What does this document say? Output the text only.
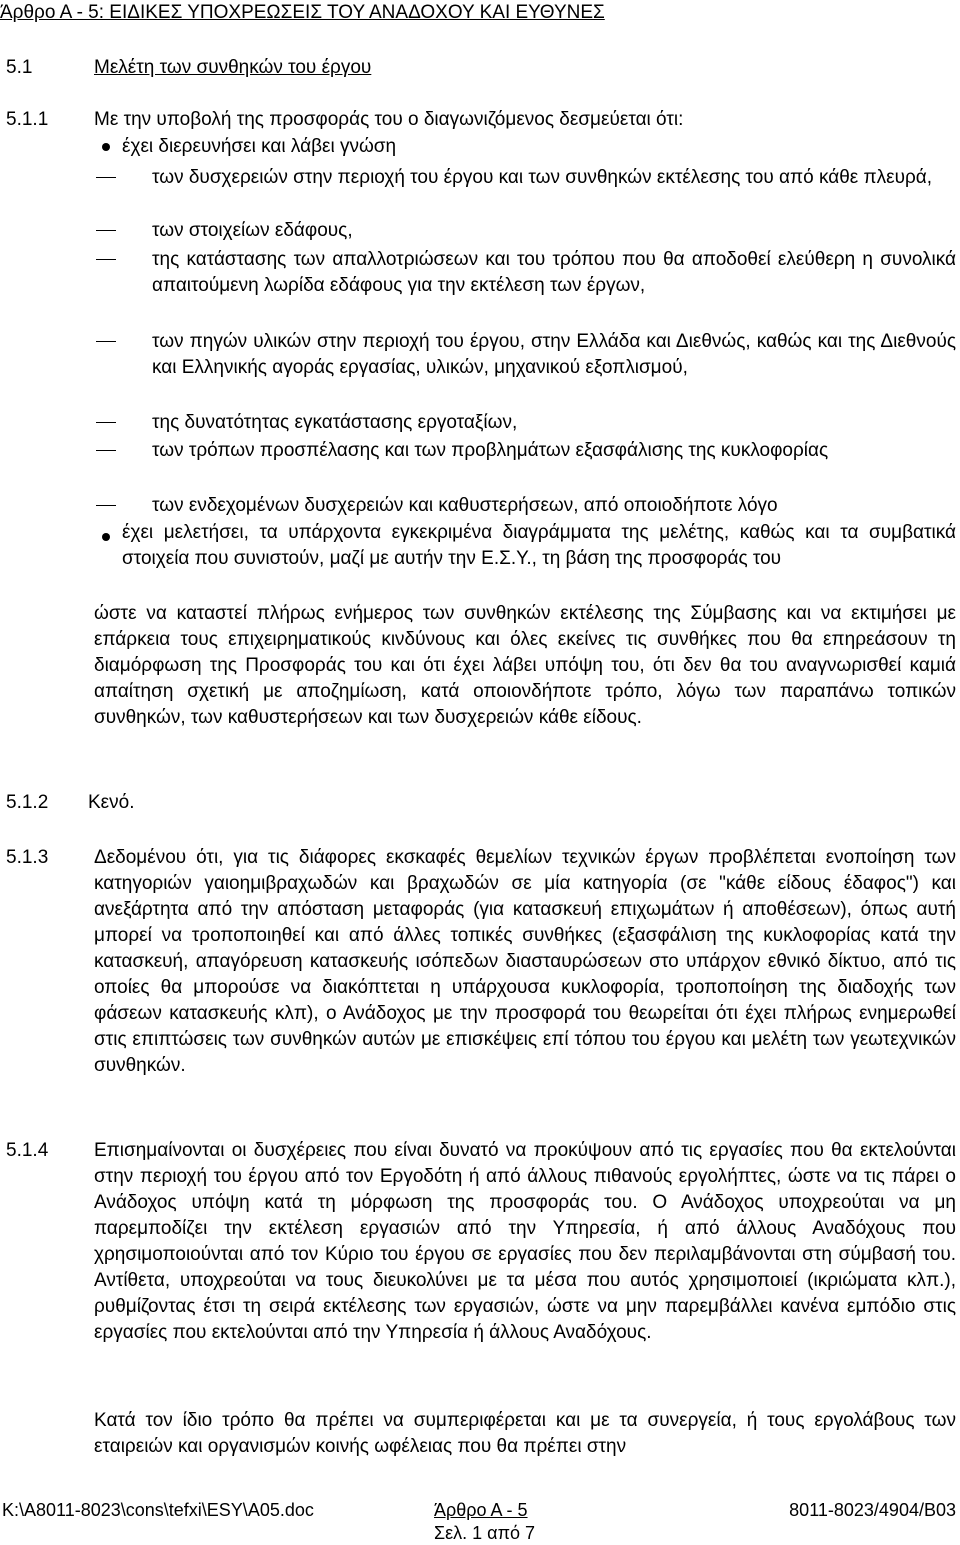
Άρθρο Α - 5: ΕΙΔΙΚΕΣ ΥΠΟΧΡΕΩΣΕΙΣ ΤΟΥ ΑΝΑΔΟΧΟΥ ΚΑΙ ΕΥΘΥΝΕΣ
5.1	Μελέτη των συνθηκών του έργου
5.1.1 Με την υποβολή της προσφοράς του ο διαγωνιζόμενος δεσμεύεται ότι:
έχει διερευνήσει και λάβει γνώση
των δυσχερειών στην περιοχή του έργου και των συνθηκών εκτέλεσης του από κάθε πλευρά,
των στοιχείων εδάφους,
της κατάστασης των απαλλοτριώσεων και του τρόπου που θα αποδοθεί ελεύθερη η συνολικά απαιτούμενη λωρίδα εδάφους για την εκτέλεση των έργων,
των πηγών υλικών στην περιοχή του έργου, στην Ελλάδα και Διεθνώς, καθώς και της Διεθνούς και Ελληνικής αγοράς εργασίας, υλικών, μηχανικού εξοπλισμού,
της δυνατότητας εγκατάστασης εργοταξίων,
των τρόπων προσπέλασης και των προβλημάτων εξασφάλισης της κυκλοφορίας
των ενδεχομένων δυσχερειών και καθυστερήσεων, από οποιοδήποτε λόγο
έχει μελετήσει, τα υπάρχοντα εγκεκριμένα διαγράμματα της μελέτης, καθώς και τα συμβατικά στοιχεία που συνιστούν, μαζί με αυτήν την Ε.Σ.Υ., τη βάση της προσφοράς του
ώστε να καταστεί πλήρως ενήμερος των συνθηκών εκτέλεσης της Σύμβασης και να εκτιμήσει με επάρκεια τους επιχειρηματικούς κινδύνους και όλες εκείνες τις συνθήκες που θα επηρεάσουν τη διαμόρφωση της Προσφοράς του και ότι έχει λάβει υπόψη του, ότι δεν θα του αναγνωρισθεί καμιά απαίτηση σχετική με αποζημίωση, κατά οποιονδήποτε τρόπο, λόγω των παραπάνω τοπικών συνθηκών, των καθυστερήσεων και των δυσχερειών κάθε είδους.
5.1.2 Κενό.
5.1.3 Δεδομένου ότι, για τις διάφορες εκσκαφές θεμελίων τεχνικών έργων προβλέπεται ενοποίηση των κατηγοριών γαιοημιβραχωδών και βραχωδών σε μία κατηγορία (σε "κάθε είδους έδαφος") και ανεξάρτητα από την απόσταση μεταφοράς (για κατασκευή επιχωμάτων ή αποθέσεων), όπως αυτή μπορεί να τροποποιηθεί και από άλλες τοπικές συνθήκες (εξασφάλιση της κυκλοφορίας κατά την κατασκευή, απαγόρευση κατασκευής ισόπεδων διασταυρώσεων στο υπάρχον εθνικό δίκτυο, από τις οποίες θα μπορούσε να διακόπτεται η υπάρχουσα κυκλοφορία, τροποποίηση της διαδοχής των φάσεων κατασκευής κλπ), ο Ανάδοχος με την προσφορά του θεωρείται ότι έχει πλήρως ενημερωθεί στις επιπτώσεις των συνθηκών αυτών με επισκέψεις επί τόπου του έργου και μελέτη των γεωτεχνικών συνθηκών.
5.1.4 Επισημαίνονται οι δυσχέρειες που είναι δυνατό να προκύψουν από τις εργασίες που θα εκτελούνται στην περιοχή του έργου από τον Εργοδότη ή από άλλους πιθανούς εργολήπτες, ώστε να τις πάρει ο Ανάδοχος υπόψη κατά τη μόρφωση της προσφοράς του. Ο Ανάδοχος υποχρεούται να μη παρεμποδίζει την εκτέλεση εργασιών από την Υπηρεσία, ή από άλλους Αναδόχους που χρησιμοποιούνται από τον Κύριο του έργου σε εργασίες που δεν περιλαμβάνονται στη σύμβασή του. Αντίθετα, υποχρεούται να τους διευκολύνει με τα μέσα που αυτός χρησιμοποιεί (ικριώματα κλπ.), ρυθμίζοντας έτσι τη σειρά εκτέλεσης των εργασιών, ώστε να μην παρεμβάλλει κανένα εμπόδιο στις εργασίες που εκτελούνται από την Υπηρεσία ή άλλους Αναδόχους.
Κατά τον ίδιο τρόπο θα πρέπει να συμπεριφέρεται και με τα συνεργεία, ή τους εργολάβους των εταιρειών και οργανισμών κοινής ωφέλειας που θα πρέπει στην
K:\A8011-8023\cons\tefxi\ESY\A05.doc	Άρθρο Α - 5
Σελ. 1 από 7
8011-8023/4904/B03
